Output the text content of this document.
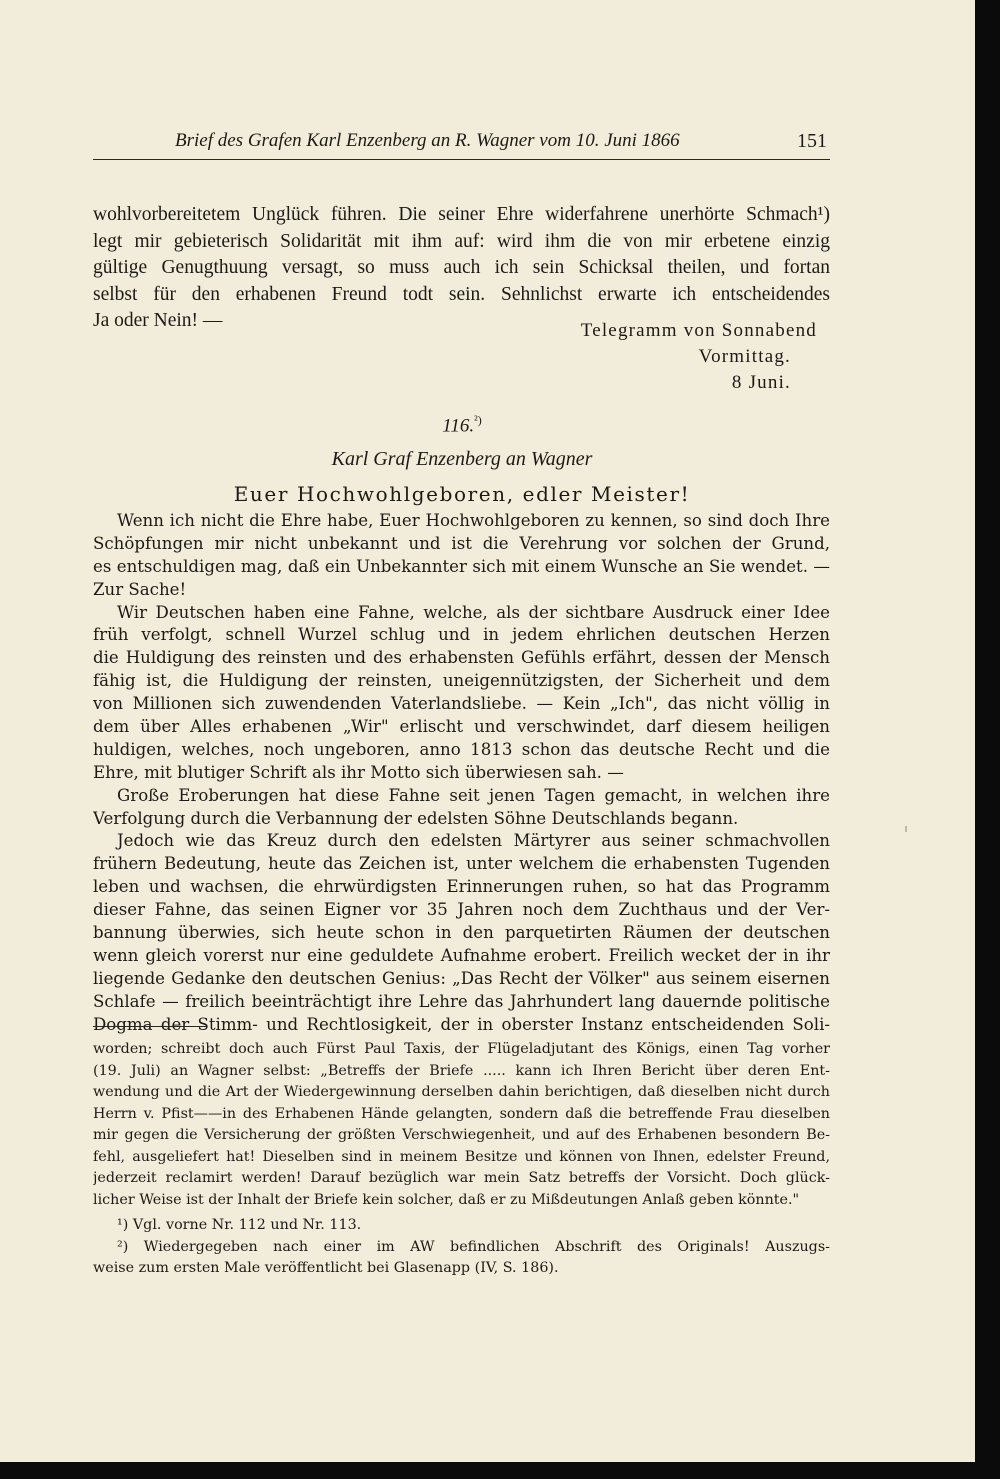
Brief des Grafen Karl Enzenberg an R. Wagner vom 10. Juni 1866	151
wohlvorbereitetem Unglück führen. Die seiner Ehre widerfahrene unerhörte Schmach¹)
legt mir gebieterisch Solidarität mit ihm auf: wird ihm die von mir erbetene einzig
gültige Genugthuung versagt, so muss auch ich sein Schicksal theilen, und fortan
selbst für den erhabenen Freund todt sein. Sehnlichst erwarte ich entscheidendes
Ja oder Nein! —	Telegramm von Sonnabend
Vormittag.
8 Juni.
116.$^{^2)}$
Karl Graf Enzenberg an Wagner
Euer Hochwohlgeboren, edler Meister!
Wenn ich nicht die Ehre habe, Euer Hochwohlgeboren zu kennen, so sind doch Ihre
Schöpfungen mir nicht unbekannt und ist die Verehrung vor solchen der Grund,
es entschuldigen mag, daß ein Unbekannter sich mit einem Wunsche an Sie wendet. —
Zur Sache!
Wir Deutschen haben eine Fahne, welche, als der sichtbare Ausdruck einer Idee
früh verfolgt, schnell Wurzel schlug und in jedem ehrlichen deutschen Herzen
die Huldigung des reinsten und des erhabensten Gefühls erfährt, dessen der Mensch
fähig ist, die Huldigung der reinsten, uneigennützigsten, der Sicherheit und dem
von Millionen sich zuwendenden Vaterlandsliebe. — Kein „Ich", das nicht völlig in
dem über Alles erhabenen „Wir" erlischt und verschwindet, darf diesem heiligen
huldigen, welches, noch ungeboren, anno 1813 schon das deutsche Recht und die
Ehre, mit blutiger Schrift als ihr Motto sich überwiesen sah. —
Große Eroberungen hat diese Fahne seit jenen Tagen gemacht, in welchen ihre
Verfolgung durch die Verbannung der edelsten Söhne Deutschlands begann.
Jedoch wie das Kreuz durch den edelsten Märtyrer aus seiner schmachvollen
frühern Bedeutung, heute das Zeichen ist, unter welchem die erhabensten Tugenden
leben und wachsen, die ehrwürdigsten Erinnerungen ruhen, so hat das Programm
dieser Fahne, das seinen Eigner vor 35 Jahren noch dem Zuchthaus und der Ver-
bannung überwies, sich heute schon in den parquetirten Räumen der deutschen
wenn gleich vorerst nur eine geduldete Aufnahme erobert. Freilich wecket der in ihr
liegende Gedanke den deutschen Genius: „Das Recht der Völker" aus seinem eisernen
Schlafe — freilich beeinträchtigt ihre Lehre das Jahrhundert lang dauernde politische
Dogma der Stimm- und Rechtlosigkeit, der in oberster Instanz entscheidenden Soli-
worden; schreibt doch auch Fürst Paul Taxis, der Flügeladjutant des Königs, einen Tag vorher
(19. Juli) an Wagner selbst: „Betreffs der Briefe ..... kann ich Ihren Bericht über deren Ent-
wendung und die Art der Wiedergewinnung derselben dahin berichtigen, daß dieselben nicht durch
Herrn v. Pfist——in des Erhabenen Hände gelangten, sondern daß die betreffende Frau dieselben
mir gegen die Versicherung der größten Verschwiegenheit, und auf des Erhabenen besondern Be-
fehl, ausgeliefert hat! Dieselben sind in meinem Besitze und können von Ihnen, edelster Freund,
jederzeit reclamirt werden! Darauf bezüglich war mein Satz betreffs der Vorsicht. Doch glück-
licher Weise ist der Inhalt der Briefe kein solcher, daß er zu Mißdeutungen Anlaß geben könnte."
¹) Vgl. vorne Nr. 112 und Nr. 113.
²) Wiedergegeben nach einer im AW befindlichen Abschrift des Originals! Auszugs-
weise zum ersten Male veröffentlicht bei Glasenapp (IV, S. 186).
